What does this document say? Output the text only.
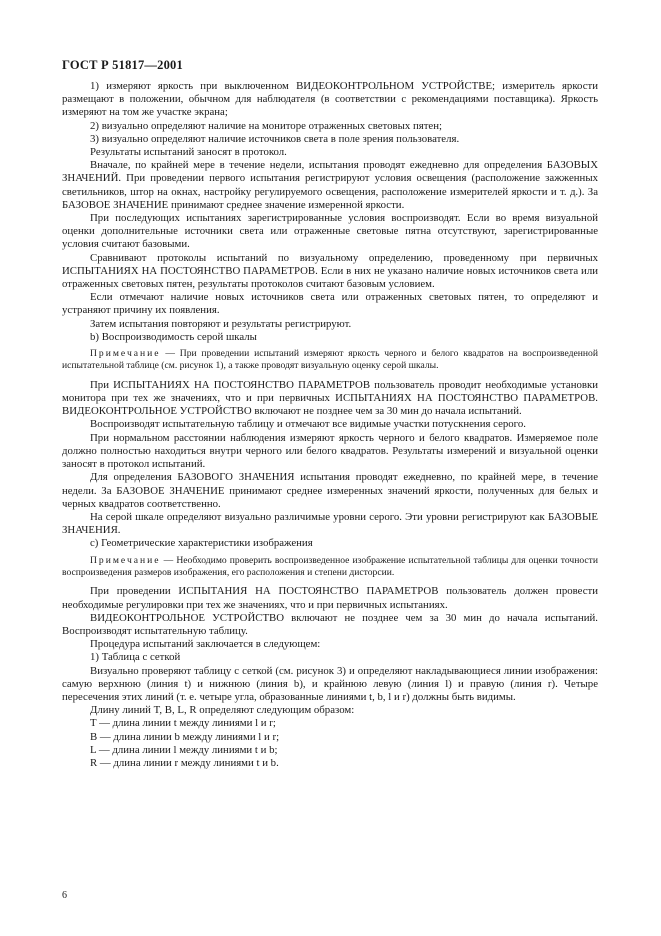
ГОСТ Р 51817—2001

1) измеряют яркость при выключенном ВИДЕОКОНТРОЛЬНОМ УСТРОЙСТВЕ; измеритель яркости размещают в положении, обычном для наблюдателя (в соответствии с рекомендациями поставщика). Яркость измеряют на том же участке экрана;

2) визуально определяют наличие на мониторе отраженных световых пятен;

3) визуально определяют наличие источников света в поле зрения пользователя.

Результаты испытаний заносят в протокол.

Вначале, по крайней мере в течение недели, испытания проводят ежедневно для определения БАЗОВЫХ ЗНАЧЕНИЙ. При проведении первого испытания регистрируют условия освещения (расположение зажженных светильников, штор на окнах, настройку регулируемого освещения, расположение измерителей яркости и т. д.). За БАЗОВОЕ ЗНАЧЕНИЕ принимают среднее значение измеренной яркости.

При последующих испытаниях зарегистрированные условия воспроизводят. Если во время визуальной оценки дополнительные источники света или отраженные световые пятна отсутствуют, зарегистрированные условия считают базовыми.

Сравнивают протоколы испытаний по визуальному определению, проведенному при первичных ИСПЫТАНИЯХ НА ПОСТОЯНСТВО ПАРАМЕТРОВ. Если в них не указано наличие новых источников света или отраженных световых пятен, результаты протоколов считают базовым условием.

Если отмечают наличие новых источников света или отраженных световых пятен, то определяют и устраняют причину их появления.

Затем испытания повторяют и результаты регистрируют.

b) Воспроизводимость серой шкалы

Примечание — При проведении испытаний измеряют яркость черного и белого квадратов на воспроизведенной испытательной таблице (см. рисунок 1), а также проводят визуальную оценку серой шкалы.

При ИСПЫТАНИЯХ НА ПОСТОЯНСТВО ПАРАМЕТРОВ пользователь проводит необходимые установки монитора при тех же значениях, что и при первичных ИСПЫТАНИЯХ НА ПОСТОЯНСТВО ПАРАМЕТРОВ. ВИДЕОКОНТРОЛЬНОЕ УСТРОЙСТВО включают не позднее чем за 30 мин до начала испытаний.

Воспроизводят испытательную таблицу и отмечают все видимые участки потускнения серого.

При нормальном расстоянии наблюдения измеряют яркость черного и белого квадратов. Измеряемое поле должно полностью находиться внутри черного или белого квадратов. Результаты измерений и визуальной оценки заносят в протокол испытаний.

Для определения БАЗОВОГО ЗНАЧЕНИЯ испытания проводят ежедневно, по крайней мере, в течение недели. За БАЗОВОЕ ЗНАЧЕНИЕ принимают среднее измеренных значений яркости, полученных для белых и черных квадратов соответственно.

На серой шкале определяют визуально различимые уровни серого. Эти уровни регистрируют как БАЗОВЫЕ ЗНАЧЕНИЯ.

c) Геометрические характеристики изображения

Примечание — Необходимо проверить воспроизведенное изображение испытательной таблицы для оценки точности воспроизведения размеров изображения, его расположения и степени дисторсии.

При проведении ИСПЫТАНИЯ НА ПОСТОЯНСТВО ПАРАМЕТРОВ пользователь должен провести необходимые регулировки при тех же значениях, что и при первичных испытаниях.

ВИДЕОКОНТРОЛЬНОЕ УСТРОЙСТВО включают не позднее чем за 30 мин до начала испытаний. Воспроизводят испытательную таблицу.

Процедура испытаний заключается в следующем:

1) Таблица с сеткой

Визуально проверяют таблицу с сеткой (см. рисунок 3) и определяют накладывающиеся линии изображения: самую верхнюю (линия t) и нижнюю (линия b), и крайнюю левую (линия l) и правую (линия r). Четыре пересечения этих линий (т. е. четыре угла, образованные линиями t, b, l и r) должны быть видимы.

Длину линий T, B, L, R определяют следующим образом:

T — длина линии t между линиями l и r;

B — длина линии b между линиями l и r;

L — длина линии l между линиями t и b;

R — длина линии r между линиями t и b.

6
